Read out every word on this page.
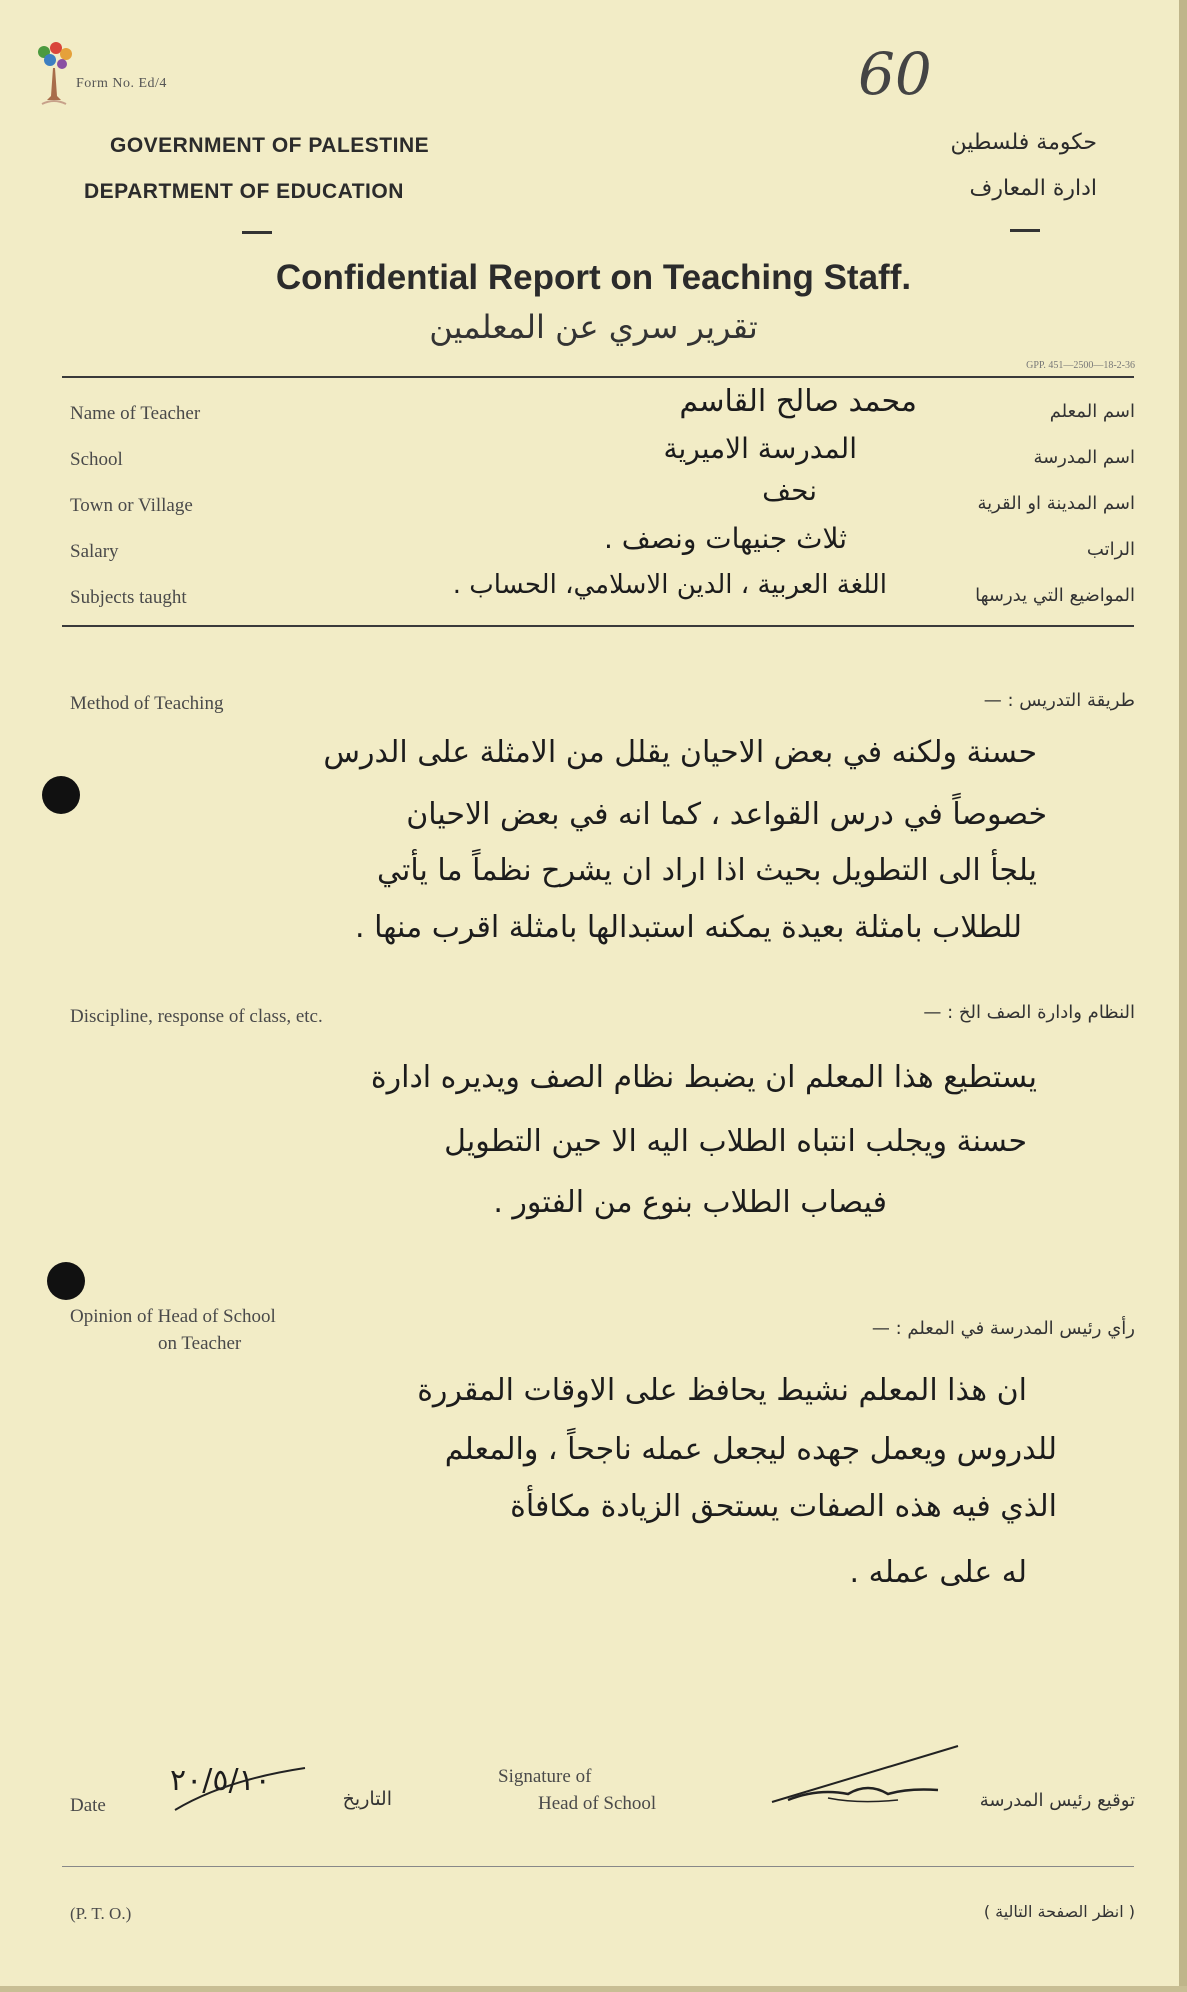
Form No. Ed/4	60
GOVERNMENT OF PALESTINE
DEPARTMENT OF EDUCATION
حكومة فلسطين
ادارة المعارف
Confidential Report on Teaching Staff.
تقرير سري عن المعلمين
GPP. 451—2500—18-2-36
Name of Teacher	اسم المعلم
محمد صالح القاسم
School	اسم المدرسة
المدرسة الاميرية
Town or Village	اسم المدينة او القرية
نحف
Salary	الراتب
ثلاث جنيهات ونصف .
Subjects taught	المواضيع التي يدرسها
اللغة العربية ، الدين الاسلامي، الحساب .
Method of Teaching	طريقة التدريس : —
حسنة ولكنه في بعض الاحيان يقلل من الامثلة على الدرس
خصوصاً في درس القواعد ، كما انه في بعض الاحيان
يلجأ الى التطويل بحيث اذا اراد ان يشرح نظماً ما يأتي
للطلاب بامثلة بعيدة يمكنه استبدالها بامثلة اقرب منها .
Discipline, response of class, etc.	النظام وادارة الصف الخ : —
يستطيع هذا المعلم ان يضبط نظام الصف ويديره ادارة
حسنة ويجلب انتباه الطلاب اليه الا حين التطويل
فيصاب الطلاب بنوع من الفتور .
Opinion of Head of School
on Teacher
رأي رئيس المدرسة في المعلم : —
ان هذا المعلم نشيط يحافظ على الاوقات المقررة
للدروس ويعمل جهده ليجعل عمله ناجحاً ، والمعلم
الذي فيه هذه الصفات يستحق الزيادة مكافأة
له على عمله .
Date
٢٠/٥/١٠
التاريخ
Signature of
Head of School	توقيع رئيس المدرسة
(P. T. O.)	( انظر الصفحة التالية )
